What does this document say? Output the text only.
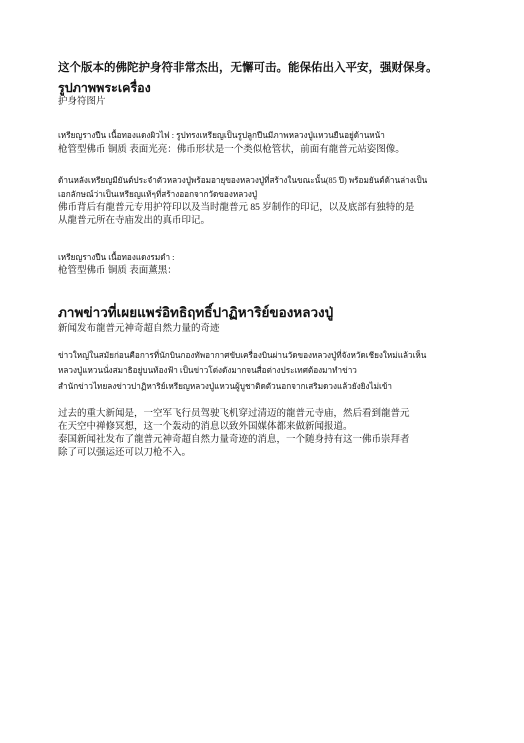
这个版本的佛陀护身符非常杰出，无懈可击。能保佑出入平安，强财保身。
รูปภาพพระเครื่อง
护身符图片
เหรียญรางปืน เนื้อทองแดงผิวไฟ : รูปทรงเหรียญเป็นรูปลูกปืนมีภาพหลวงปู่แหวนยืนอยู่ด้านหน้า
枪管型佛币 铜质 表面光亮：佛币形状是一个类似枪管状，前面有龍普元站姿图像。
ด้านหลังเหรียญมียันต์ประจำตัวหลวงปู่พร้อมอายุของหลวงปู่ที่สร้างในขณะนั้น(85 ปี) พร้อมยันต์ด้านล่างเป็น
เอกลักษณ์ว่าเป็นเหรียญแท้ๆที่สร้างออกจากวัดของหลวงปู่
佛币背后有龍普元专用护符印以及当时龍普元 85 岁制作的印记，以及底部有独特的是
从龍普元所在寺庙发出的真币印记。
เหรียญรางปืน เนื้อทองแดงรมดำ :
枪管型佛币 铜质 表面薰黑：
ภาพข่าวที่เผยแพร่อิทธิฤทธิ์ปาฏิหาริย์ของหลวงปู่
新闻发布龍普元神奇超自然力量的奇迹
ข่าวใหญ่ในสมัยก่อนคือการที่นักบินกองทัพอากาศขับเครื่องบินผ่านวัดของหลวงปู่ที่จังหวัดเชียงใหม่แล้วเห็น
หลวงปู่แหวนนั่งสมาธิอยู่บนท้องฟ้า เป็นข่าวโด่งดังมากจนสื่อต่างประเทศต้องมาทำข่าว
สำนักข่าวไทยลงข่าวปาฏิหาริย์เหรียญหลวงปู่แหวนผู้บูชาติดตัวนอกจากเสริมดวงแล้วยังยิงไม่เข้า
过去的重大新闻是，一空军飞行员驾驶飞机穿过清迈的龍普元寺庙，然后看到龍普元
在天空中禅修冥想，这一个轰动的消息以致外国媒体都来做新闻报道。
泰国新闻社发布了龍普元神奇超自然力量奇迹的消息，一个随身持有这一佛币崇拜者
除了可以强运还可以刀枪不入。
